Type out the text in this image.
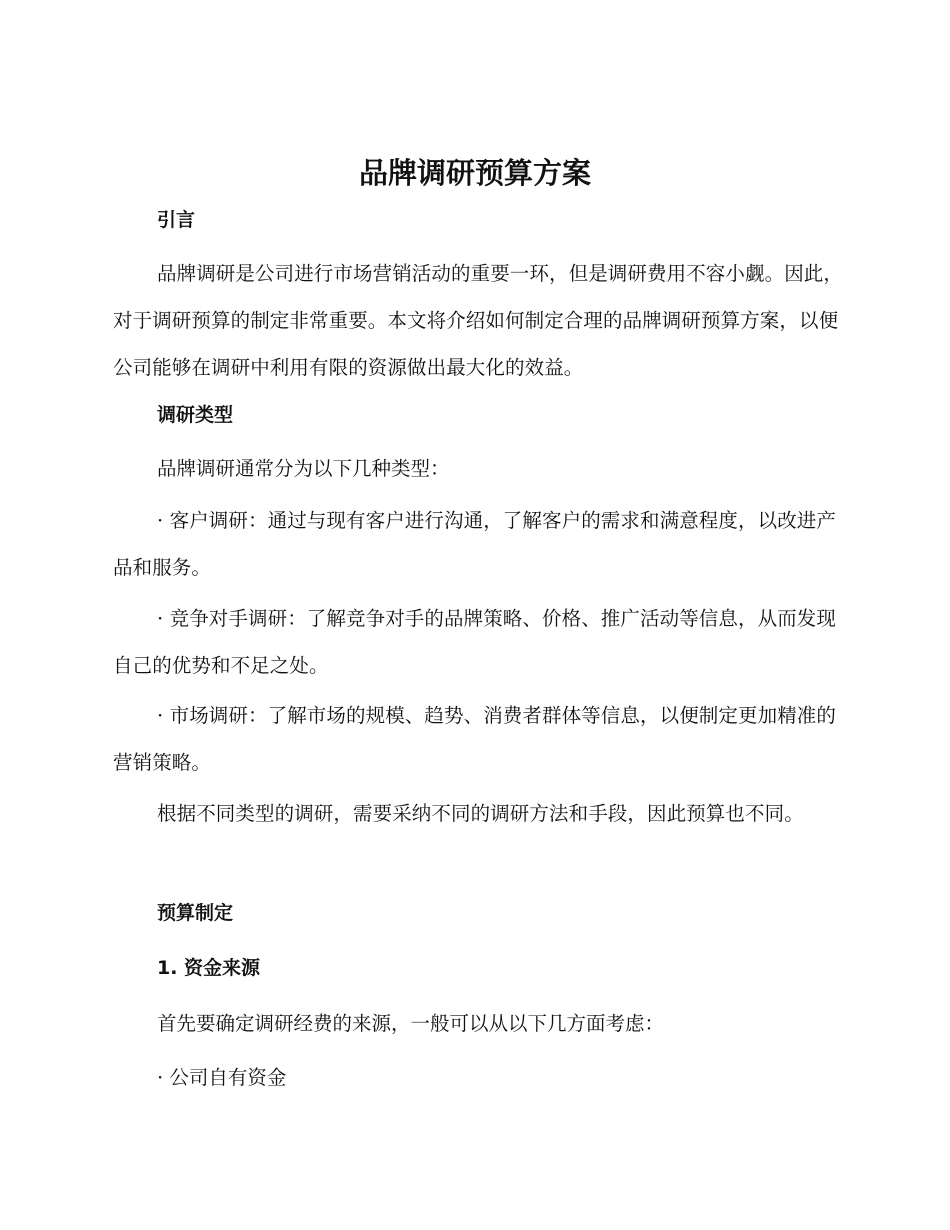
品牌调研预算方案
引言

品牌调研是公司进行市场营销活动的重要一环，但是调研费用不容小觑。因此，对于调研预算的制定非常重要。本文将介绍如何制定合理的品牌调研预算方案，以便公司能够在调研中利用有限的资源做出最大化的效益。

调研类型

品牌调研通常分为以下几种类型：

· 客户调研：通过与现有客户进行沟通，了解客户的需求和满意程度，以改进产品和服务。

· 竞争对手调研：了解竞争对手的品牌策略、价格、推广活动等信息，从而发现自己的优势和不足之处。

· 市场调研：了解市场的规模、趋势、消费者群体等信息，以便制定更加精准的营销策略。

根据不同类型的调研，需要采纳不同的调研方法和手段，因此预算也不同。

预算制定
1. 资金来源

首先要确定调研经费的来源，一般可以从以下几方面考虑：

· 公司自有资金
